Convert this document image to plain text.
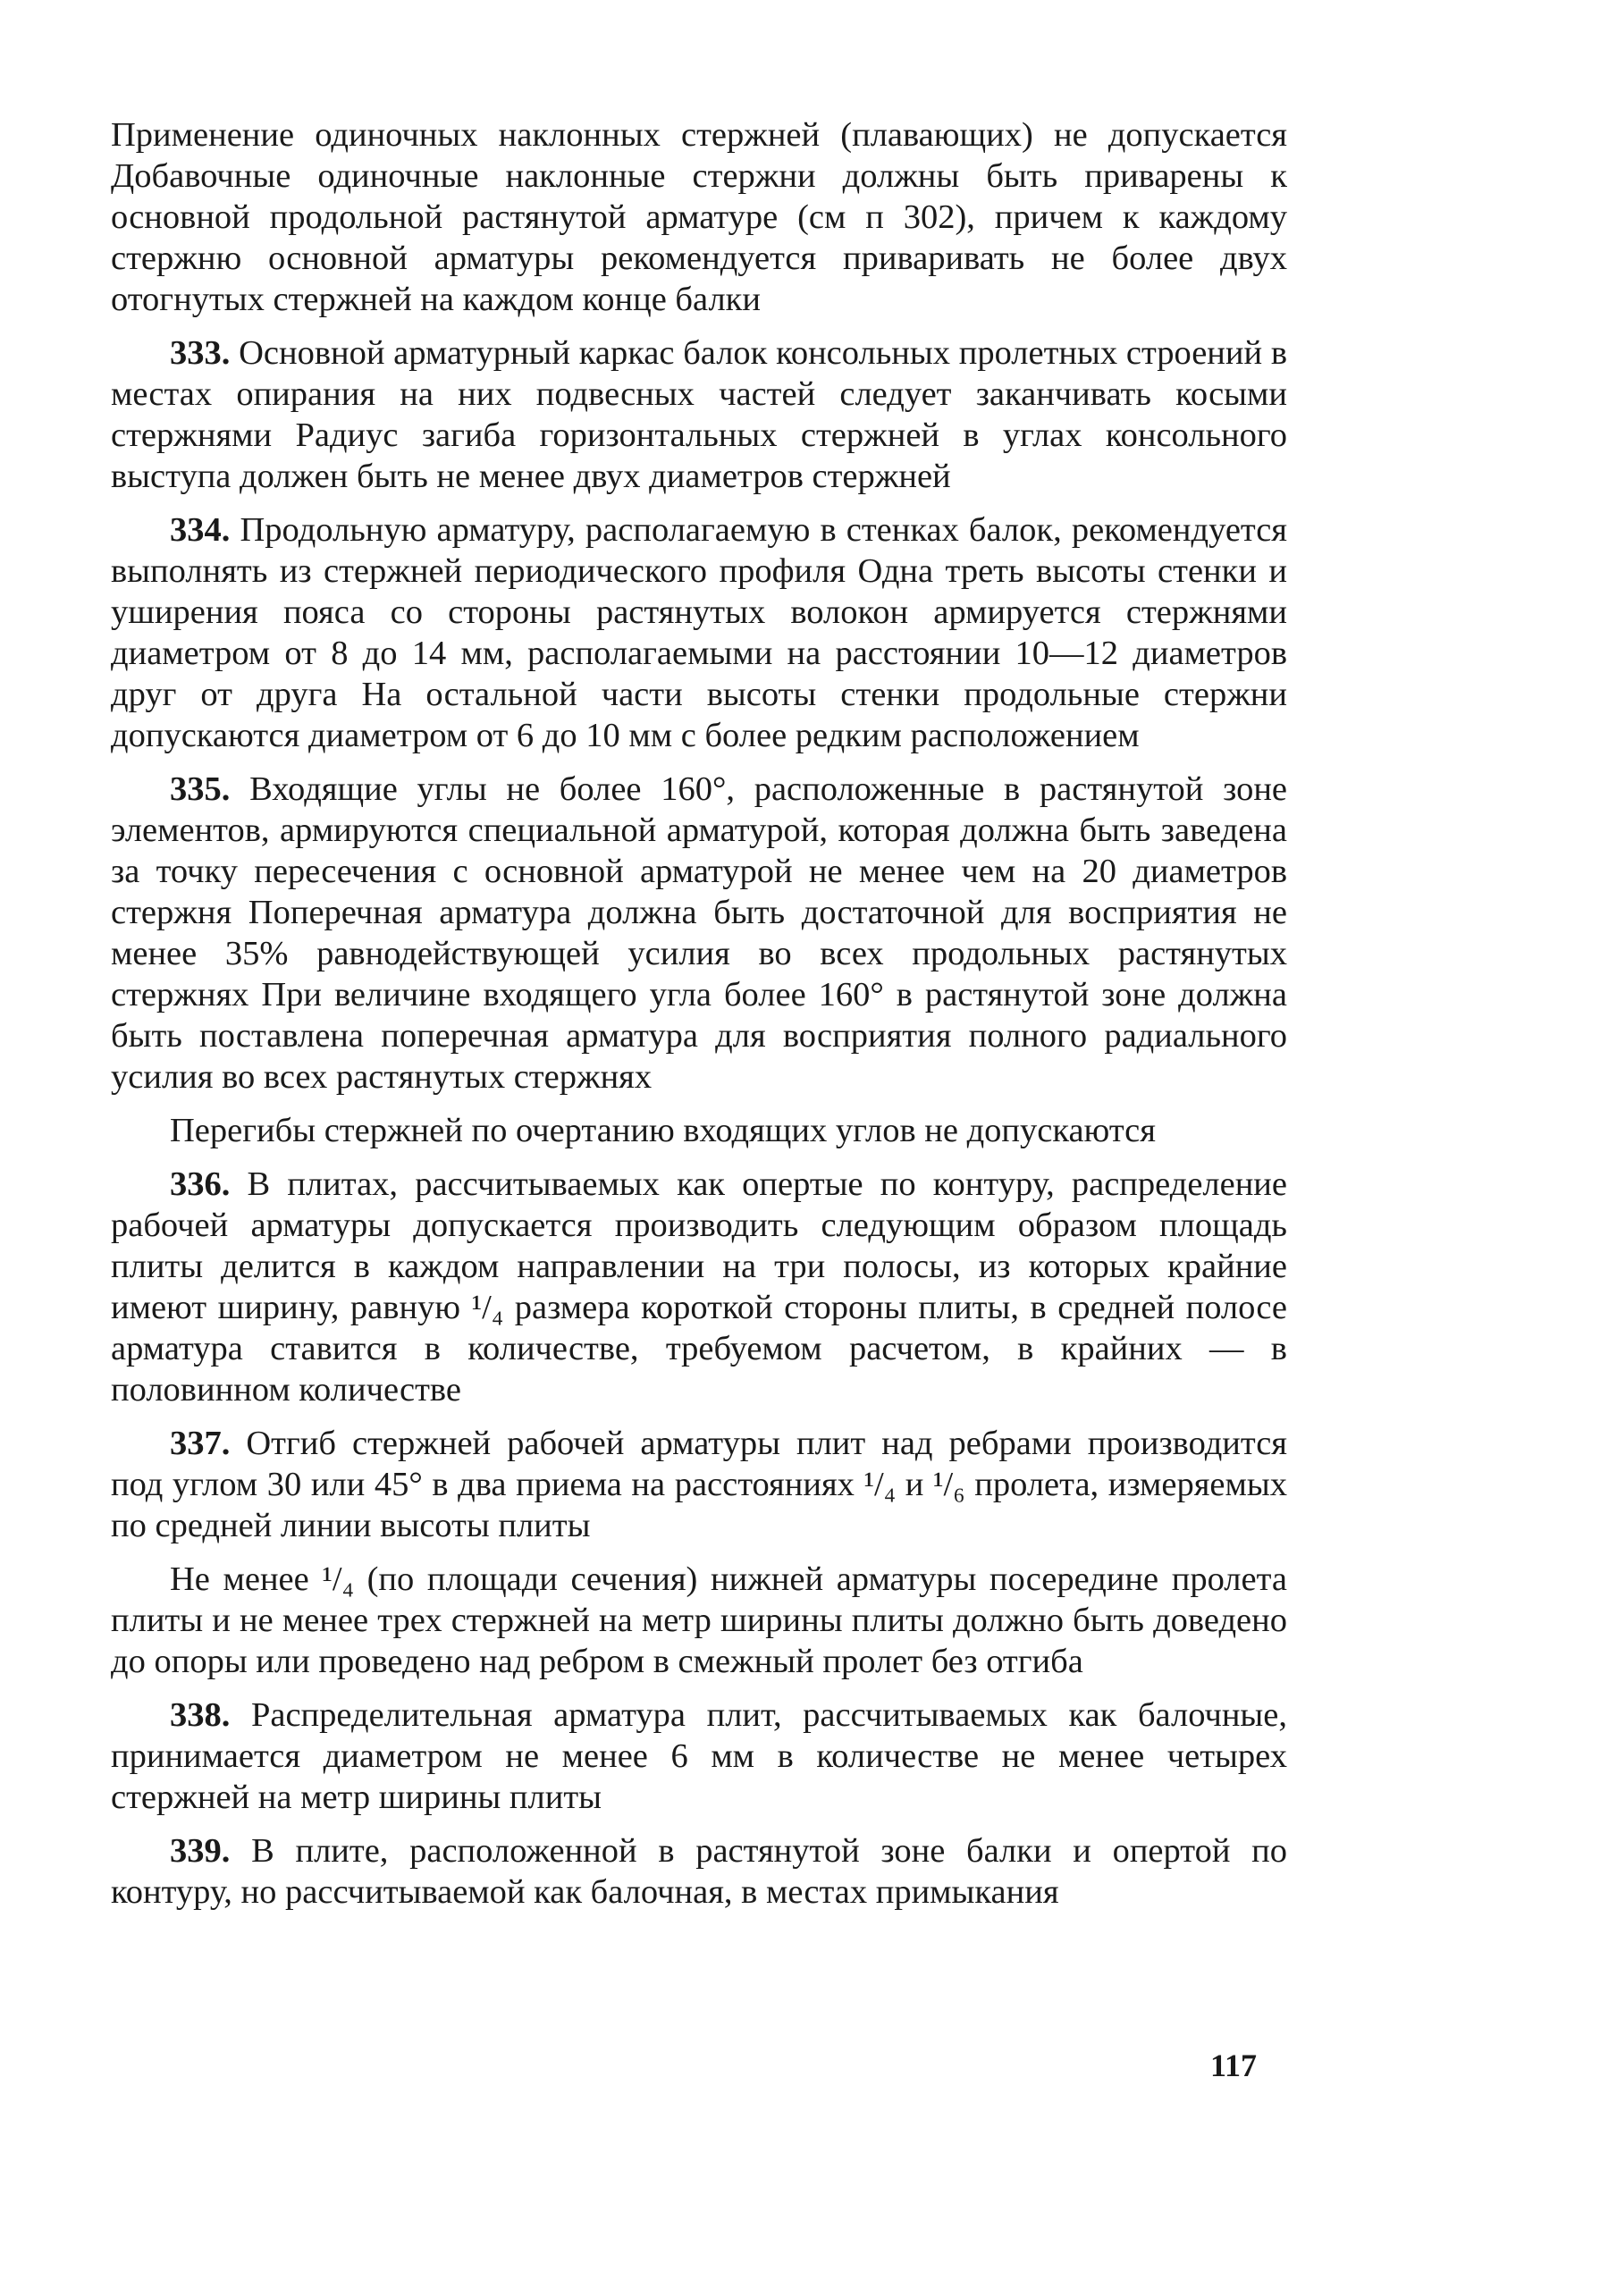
Применение одиночных наклонных стержней (плавающих) не допускается Добавочные одиночные наклонные стержни должны быть приварены к основной продольной растянутой арматуре (см п 302), причем к каждому стержню основной арматуры рекомендуется приваривать не более двух отогнутых стержней на каждом конце балки

333. Основной арматурный каркас балок консольных пролетных строений в местах опирания на них подвесных частей следует заканчивать косыми стержнями Радиус загиба горизонтальных стержней в углах консольного выступа должен быть не менее двух диаметров стержней

334. Продольную арматуру, располагаемую в стенках балок, рекомендуется выполнять из стержней периодического профиля Одна треть высоты стенки и уширения пояса со стороны растянутых волокон армируется стержнями диаметром от 8 до 14 мм, располагаемыми на расстоянии 10—12 диаметров друг от друга На остальной части высоты стенки продольные стержни допускаются диаметром от 6 до 10 мм с более редким расположением

335. Входящие углы не более 160°, расположенные в растянутой зоне элементов, армируются специальной арматурой, которая должна быть заведена за точку пересечения с основной арматурой не менее чем на 20 диаметров стержня Поперечная арматура должна быть достаточной для восприятия не менее 35% равнодействующей усилия во всех продольных растянутых стержнях При величине входящего угла более 160° в растянутой зоне должна быть поставлена поперечная арматура для восприятия полного радиального усилия во всех растянутых стержнях

Перегибы стержней по очертанию входящих углов не допускаются

336. В плитах, рассчитываемых как опертые по контуру, распределение рабочей арматуры допускается производить следующим образом площадь плиты делится в каждом направлении на три полосы, из которых крайние имеют ширину, равную ¹/₄ размера короткой стороны плиты, в средней полосе арматура ставится в количестве, требуемом расчетом, в крайних — в половинном количестве

337. Отгиб стержней рабочей арматуры плит над ребрами производится под углом 30 или 45° в два приема на расстояниях ¹/₄ и ¹/₆ пролета, измеряемых по средней линии высоты плиты

Не менее ¹/₄ (по площади сечения) нижней арматуры посередине пролета плиты и не менее трех стержней на метр ширины плиты должно быть доведено до опоры или проведено над ребром в смежный пролет без отгиба

338. Распределительная арматура плит, рассчитываемых как балочные, принимается диаметром не менее 6 мм в количестве не менее четырех стержней на метр ширины плиты

339. В плите, расположенной в растянутой зоне балки и опертой по контуру, но рассчитываемой как балочная, в местах примыкания

117
